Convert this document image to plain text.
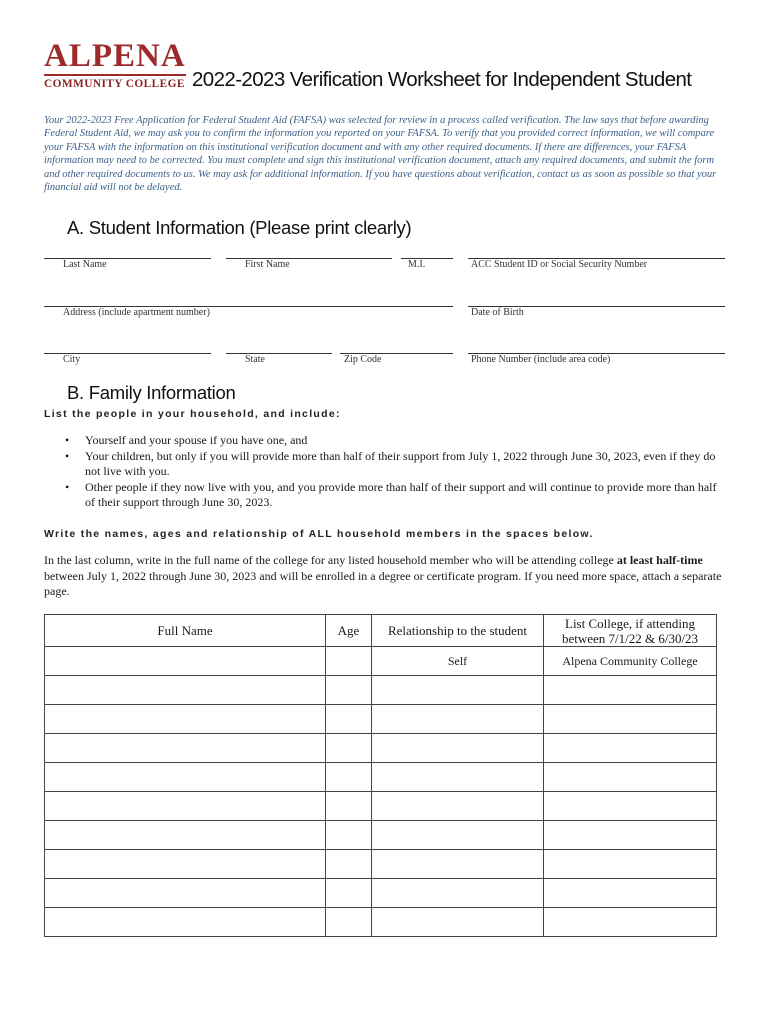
ALPENA
COMMUNITY COLLEGE 2022-2023 Verification Worksheet for Independent Student
Your 2022-2023 Free Application for Federal Student Aid (FAFSA) was selected for review in a process called verification. The law says that before awarding Federal Student Aid, we may ask you to confirm the information you reported on your FAFSA. To verify that you provided correct information, we will compare your FAFSA with the information on this institutional verification document and with any other required documents. If there are differences, your FAFSA information may need to be corrected. You must complete and sign this institutional verification document, attach any required documents, and submit the form and other required documents to us. We may ask for additional information. If you have questions about verification, contact us as soon as possible so that your financial aid will not be delayed.
A. Student Information (Please print clearly)
Last Name	First Name	M.I.	ACC Student ID or Social Security Number
Address (include apartment number)	Date of Birth
City	State	Zip Code	Phone Number (include area code)
B. Family Information
List the people in your household, and include:
• Yourself and your spouse if you have one, and
• Your children, but only if you will provide more than half of their support from July 1, 2022 through June 30, 2023, even if they do not live with you.
• Other people if they now live with you, and you provide more than half of their support and will continue to provide more than half of their support through June 30, 2023.
Write the names, ages and relationship of ALL household members in the spaces below.
In the last column, write in the full name of the college for any listed household member who will be attending college at least half-time between July 1, 2022 through June 30, 2023 and will be enrolled in a degree or certificate program. If you need more space, attach a separate page.
Full Name	Age	Relationship to the student	List College, if attending between 7/1/22 & 6/30/23

		Self	Alpena Community College
